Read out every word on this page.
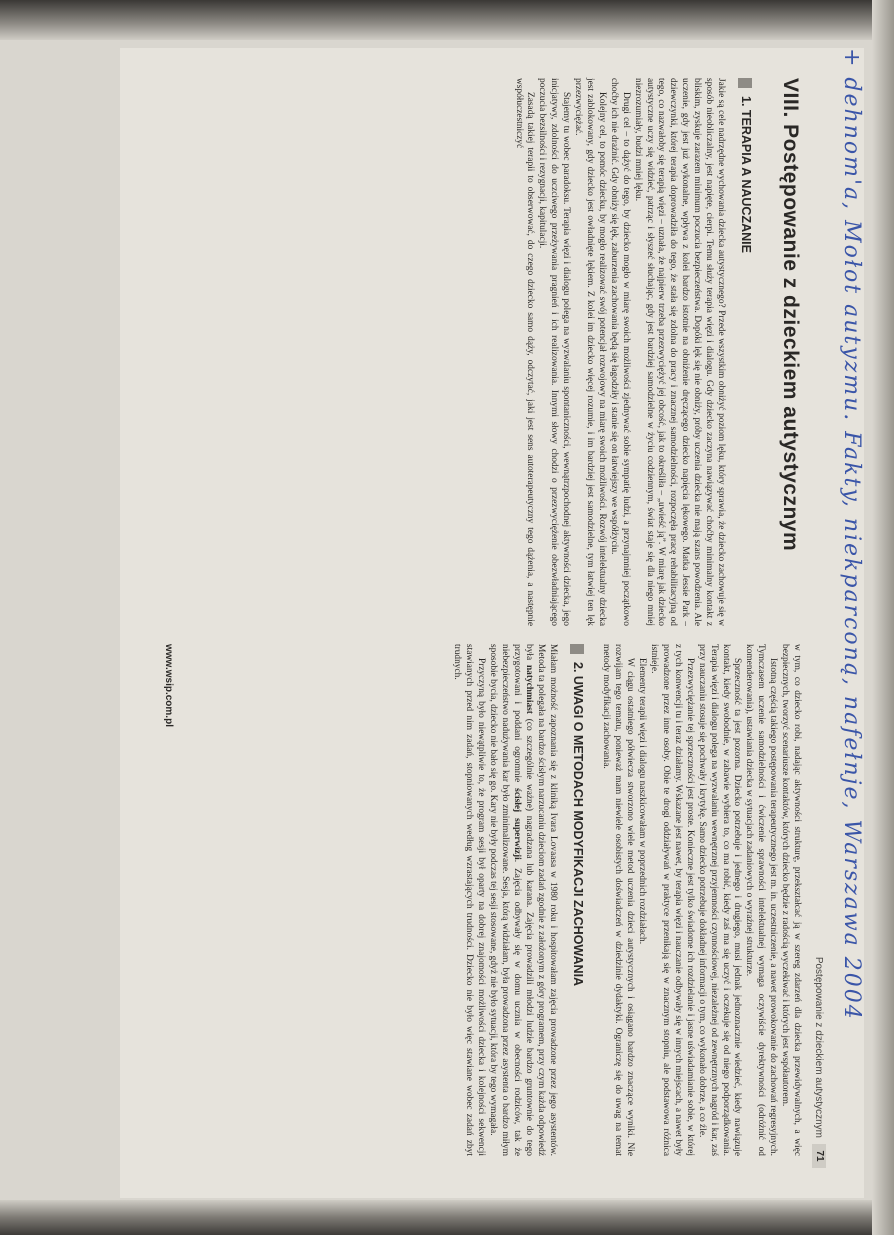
+ dehnom'a, Mołot autyzmu. Fakty, niekparconą, nafełnje, Warszawa 2004
Postępowanie z dzieckiem autystycznym
71
VIII. Postępowanie z dzieckiem autystycznym
1. TERAPIA A NAUCZANIE

Jakie są cele nadrzędne wychowania dziecka autystycznego? Przede wszystkim obniżyć poziom lęku, który sprawia, że dziecko zachowuje się w sposób nieobliczalny, jest napięte, cierpi. Temu służy terapia więzi i dialogu. Gdy dziecko zaczyna nawiązywać choćby minimalny kontakt z bliskim, zyskuje zarazem minimum poczucia bezpieczeństwa. Dopóki lęk się nie obniży, próby uczenia dziecka nie mają szans powodzenia. Ale uczenie, gdy jest już wykonalne, wpływa z kolei bardzo istotnie na obniżenie dręczącego dziecko napięcia lękowego. Matka Jessie Park – dziewczynki, której terapia doprowadziła do tego, że stała się zdolna do pracy i znacznej samodzielności, rozpoczęła pracę rehabilitacyjną od tego, co nazwałoby się terapią więzi – uznała, że najpierw trzeba przezwyciężyć jej obcość, jak to określiła – „uwieść ją”. W miarę jak dziecko autystyczne uczy się widzieć, patrząc i słyszeć słuchając, gdy jest bardziej samodzielne w życiu codziennym, świat staje się dla niego mniej niezrozumiały, budzi mniej lęku.

Drugi cel – to dążyć do tego, by dziecko mogło w miarę swoich możliwości zjednywać sobie sympatię ludzi, a przynajmniej początkowo choćby ich nie drażnić. Gdy obniży się lęk, zaburzenia zachowania będą się łagodziły i stanie się on łatwiejszy we współżyciu.

Kolejny cel, to pomóc dziecku, by mogło realizować swój potencjał rozwojowy na miarę swoich możliwości. Rozwój intelektualny dziecka jest zablokowany, gdy dziecko jest owładnięte lękiem. Z kolei im dziecko więcej rozumie, i im bardziej jest samodzielne, tym łatwiej ten lęk przezwyciężać.

Stajemy tu wobec paradoksu. Terapia więzi i dialogu polega na wyzwalaniu spontaniczności, wewnątrzpochodnej aktywności dziecka, jego inicjatywy, zdolności do uczciwego przeżywania pragnień i ich realizowania. Innymi słowy chodzi o przezwyciężenie obezwładniającego poczucia bezsilności i rezygnacji, kapitulacji.

Zasadą takiej terapii to obserwować, do czego dziecko samo dąży, odczytać, jaki jest sens autoterapeutyczny tego dążenia, a następnie współuczestniczyć

w tym, co dziecko robi, nadając aktywności strukturę, przekształcać ją w szereg zdarzeń dla dziecka przewidywalnych, a więc bezpiecznych, tworzyć scenariusze kontaktów, których dziecko będzie z radością wyczekiwać i których jest współautorem.

Istotną częścią takiego postępowania terapeutycznego jest m. in. uczestniczenie, a nawet prowokowanie do zachowań regresyjnych. Tymczasem uczenie samodzielności i ćwiczenie sprawności intelektualnej wymaga oczywiście dyrektywności (odróżnić od komenderowania), ustawiania dziecka w sytuacjach zadaniowych o wyraźnej strukturze.

Sprzeczność ta jest pozorna. Dziecko potrzebuje i jednego i drugiego, musi jednak jednoznacznie wiedzieć, kiedy nawiązuje kontakt, kiedy swobodnie, w zabawie wybiera to, co ma robić, kiedy zaś ma się uczyć i oczekuje się od niego podporządkowania. Terapia więzi i dialogu polega na wyzwalaniu wewnętrznej przyjemności czynnościowej, niezależnej od zewnętrznych nagród i kar, zaś przy nauczaniu stosuje się pochwały i krytykę. Samo dziecko potrzebuje dokładnej informacji o tym, co wykonało dobrze, a co źle.

Przezwyciężanie tej sprzeczności jest proste. Konieczne jest tylko świadome ich rozdzielanie i jasne uświadamianie sobie, w której z tych konwencji tu i teraz działamy. Wskazane jest nawet, by terapia więzi i nauczanie odbywały się w innych miejscach, a nawet były prowadzone przez inne osoby. Obie te drogi oddziaływań w praktyce przenikają się w znacznym stopniu, ale podstawowa różnica istnieje.

Elementy terapii więzi i dialogu naszkicowałam w poprzednich rozdziałach.

W ciągu ostatniego półwiecza stworzono wiele metod uczenia dzieci autystycznych i osiągano bardzo znaczące wyniki. Nie rozwijam tego tematu, ponieważ mam niewiele osobistych doświadczeń w dziedzinie dydaktyki. Ograniczę się do uwag na temat metody modyfikacji zachowania.

2. UWAGI O METODACH MODYFIKACJI ZACHOWANIA

Miałam możność zapoznania się z kliniką Ivara Lovaasa w 1980 roku i hospitowałam zajęcia prowadzone przez jego asystentów. Metoda ta polegała na bardzo ścisłym narzucaniu dzieciom zadań zgodnie z założonym z góry programem, przy czym każda odpowiedź była natychmiast (co szczególnie ważne) nagradzana lub karana. Zajęcia prowadzili młodzi ludzie bardzo gruntownie do tego przygotowani i poddani ogromnie ścisłej superwizji. Zajęcia odbywały się w domu ucznia w obecności rodziców, tak że niebezpieczeństwo nadużywania kar było zminimalizowane. Sesja, którą widziałam, była prowadzona przez asystenta o bardzo miłym sposobie bycia, dziecko nie bało się go. Kary nie były podczas tej sesji stosowane, gdyż nie było sytuacji, która by tego wymagała.

Przyczyną było niewątpliwie to, że program sesji był oparty na dobrej znajomości możliwości dziecka i kolejności sekwencji stawianych przed nim zadań, stopniowanych według wzrastających trudności. Dziecko nie było więc stawiane wobec zadań zbyt trudnych.

www.wsip.com.pl
